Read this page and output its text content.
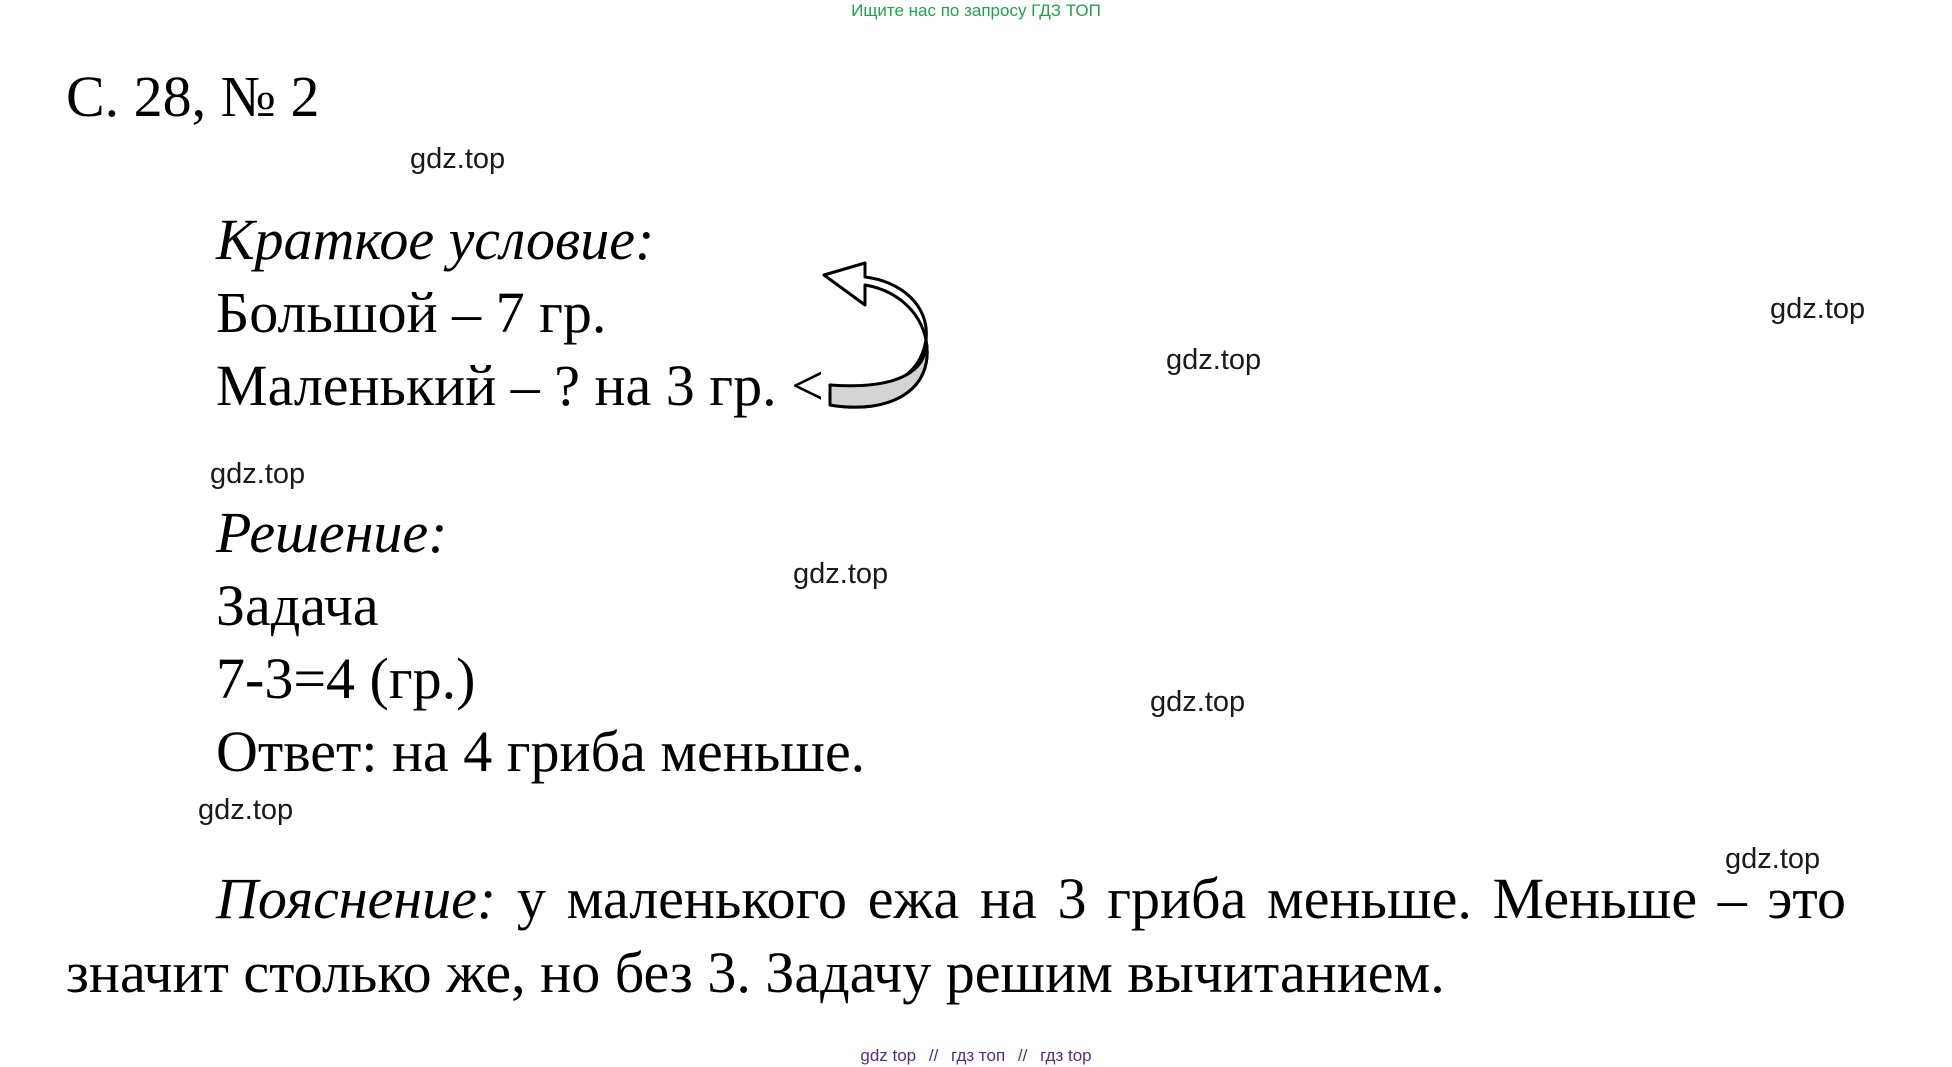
Ищите нас по запросу ГДЗ ТОП
С. 28, № 2
gdz.top
Краткое условие:
Большой – 7 гр.
Маленький – ? на 3 гр. <
gdz.top
gdz.top
gdz.top
Решение:
gdz.top
Задача
7-3=4 (гр.)	gdz.top
Ответ: на 4 гриба меньше.
gdz.top
gdz.top
Пояснение: у маленького ежа на 3 гриба меньше. Меньше – это значит столько же, но без 3. Задачу решим вычитанием.
gdz top // гдз топ // гдз top
